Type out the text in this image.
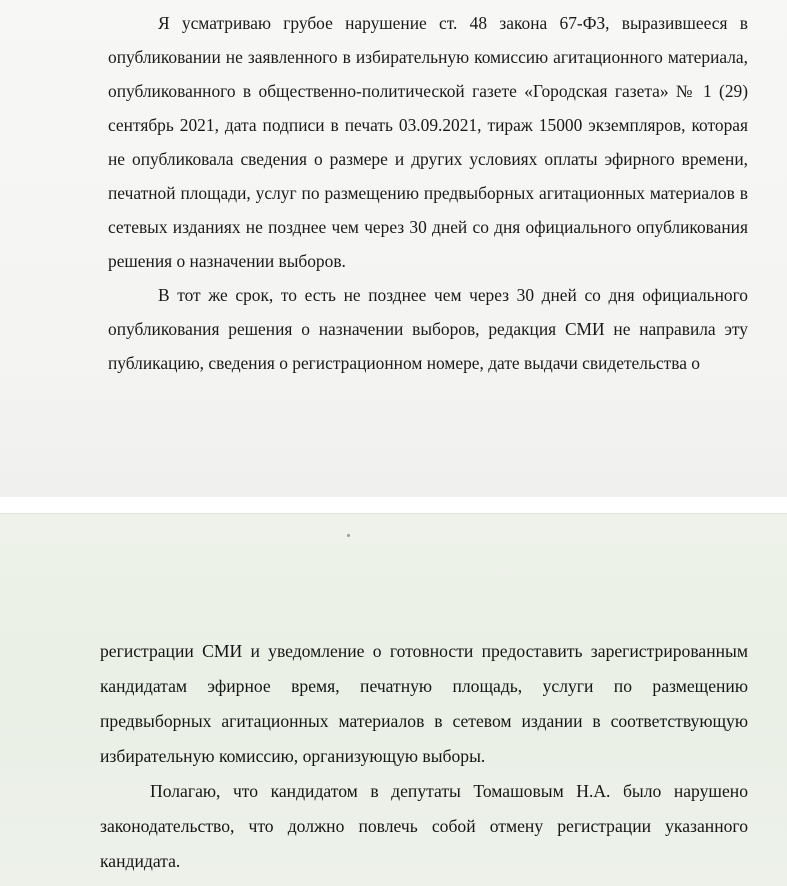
Я усматриваю грубое нарушение ст. 48 закона 67-ФЗ, выразившееся в опубликовании не заявленного в избирательную комиссию агитационного материала, опубликованного в общественно-политической газете «Городская газета» № 1 (29) сентябрь 2021, дата подписи в печать 03.09.2021, тираж 15000 экземпляров, которая не опубликовала сведения о размере и других условиях оплаты эфирного времени, печатной площади, услуг по размещению предвыборных агитационных материалов в сетевых изданиях не позднее чем через 30 дней со дня официального опубликования решения о назначении выборов.

В тот же срок, то есть не позднее чем через 30 дней со дня официального опубликования решения о назначении выборов, редакция СМИ не направила эту публикацию, сведения о регистрационном номере, дате выдачи свидетельства о

регистрации СМИ и уведомление о готовности предоставить зарегистрированным кандидатам эфирное время, печатную площадь, услуги по размещению предвыборных агитационных материалов в сетевом издании в соответствующую избирательную комиссию, организующую выборы.

Полагаю, что кандидатом в депутаты Томашовым Н.А. было нарушено законодательство, что должно повлечь собой отмену регистрации указанного кандидата.
